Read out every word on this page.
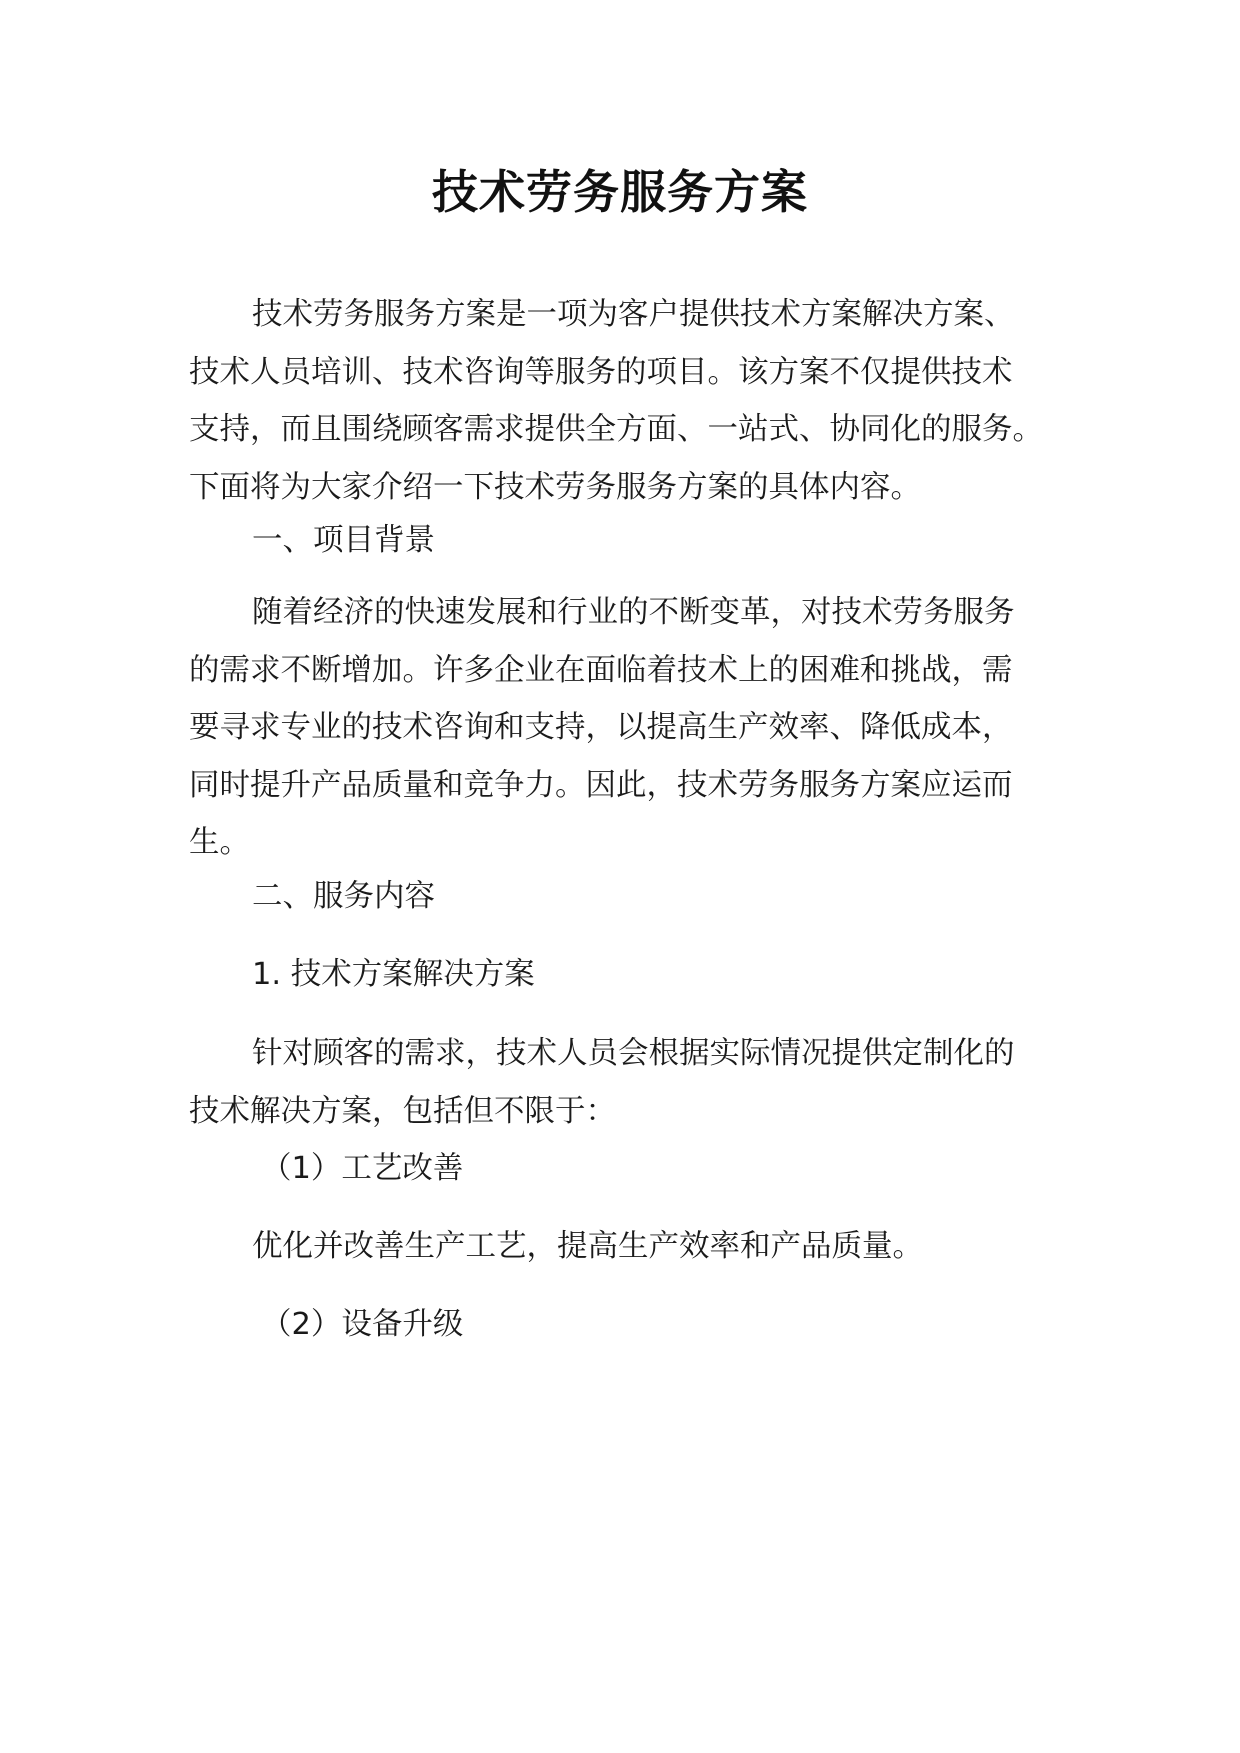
技术劳务服务方案
技术劳务服务方案是一项为客户提供技术方案解决方案、
技术人员培训、技术咨询等服务的项目。该方案不仅提供技术
支持，而且围绕顾客需求提供全方面、一站式、协同化的服务。
下面将为大家介绍一下技术劳务服务方案的具体内容。
一、项目背景
随着经济的快速发展和行业的不断变革，对技术劳务服务
的需求不断增加。许多企业在面临着技术上的困难和挑战，需
要寻求专业的技术咨询和支持，以提高生产效率、降低成本，
同时提升产品质量和竞争力。因此，技术劳务服务方案应运而
生。
二、服务内容
1. 技术方案解决方案
针对顾客的需求，技术人员会根据实际情况提供定制化的
技术解决方案，包括但不限于：
（1）工艺改善
优化并改善生产工艺，提高生产效率和产品质量。
（2）设备升级
